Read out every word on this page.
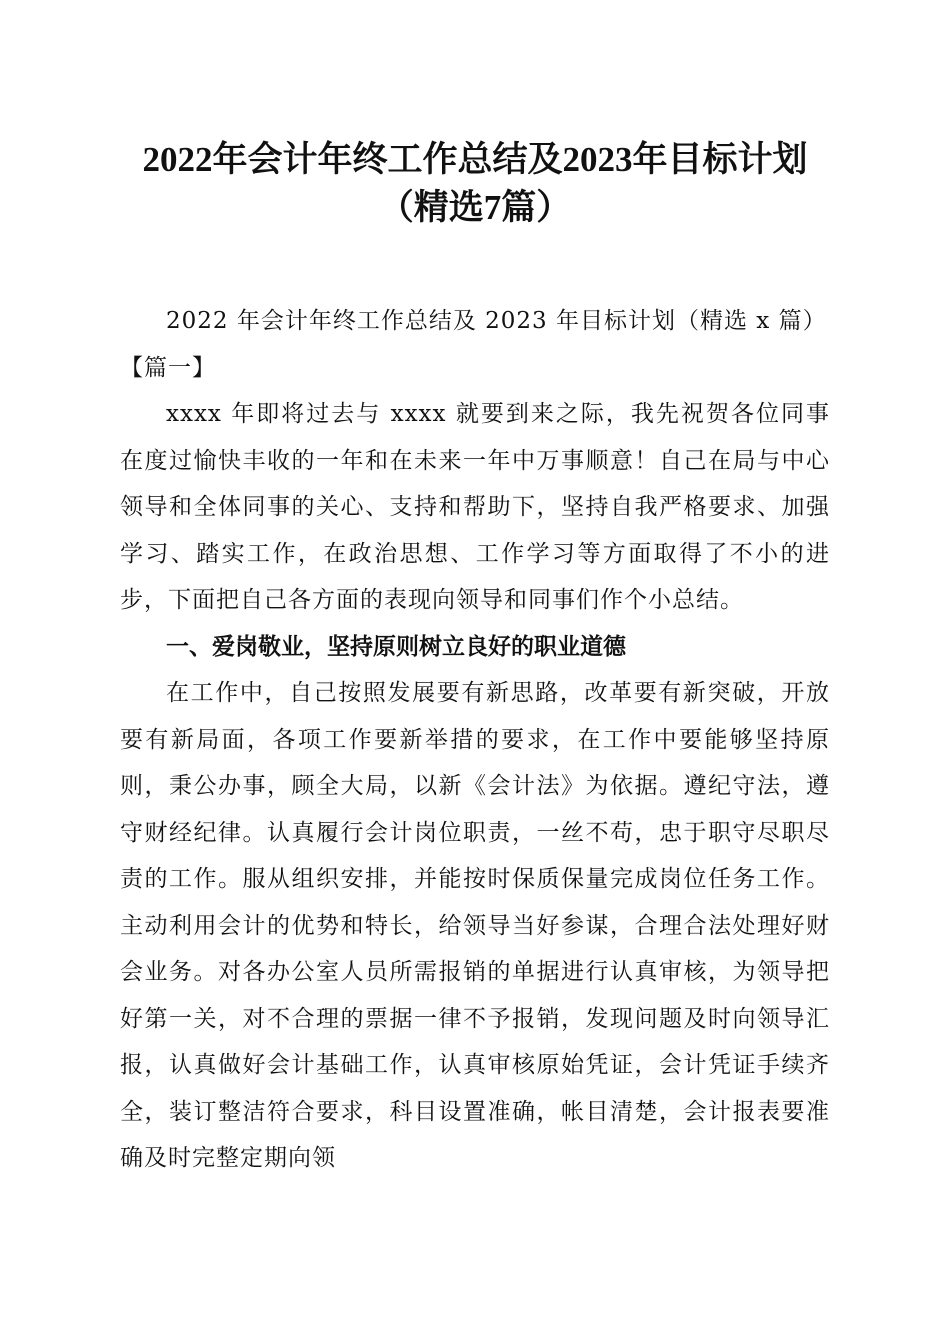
2022年会计年终工作总结及2023年目标计划
（精选7篇）

2022 年会计年终工作总结及 2023 年目标计划（精选 x 篇）

【篇一】

xxxx 年即将过去与 xxxx 就要到来之际，我先祝贺各位同事在度过愉快丰收的一年和在未来一年中万事顺意！自己在局与中心领导和全体同事的关心、支持和帮助下，坚持自我严格要求、加强学习、踏实工作，在政治思想、工作学习等方面取得了不小的进步，下面把自己各方面的表现向领导和同事们作个小总结。

一、爱岗敬业，坚持原则树立良好的职业道德

在工作中，自己按照发展要有新思路，改革要有新突破，开放要有新局面，各项工作要新举措的要求，在工作中要能够坚持原则，秉公办事，顾全大局，以新《会计法》为依据。遵纪守法，遵守财经纪律。认真履行会计岗位职责，一丝不苟，忠于职守尽职尽责的工作。服从组织安排，并能按时保质保量完成岗位任务工作。主动利用会计的优势和特长，给领导当好参谋，合理合法处理好财会业务。对各办公室人员所需报销的单据进行认真审核，为领导把好第一关，对不合理的票据一律不予报销，发现问题及时向领导汇报，认真做好会计基础工作，认真审核原始凭证，会计凭证手续齐全，装订整洁符合要求，科目设置准确，帐目清楚，会计报表要准确及时完整定期向领
